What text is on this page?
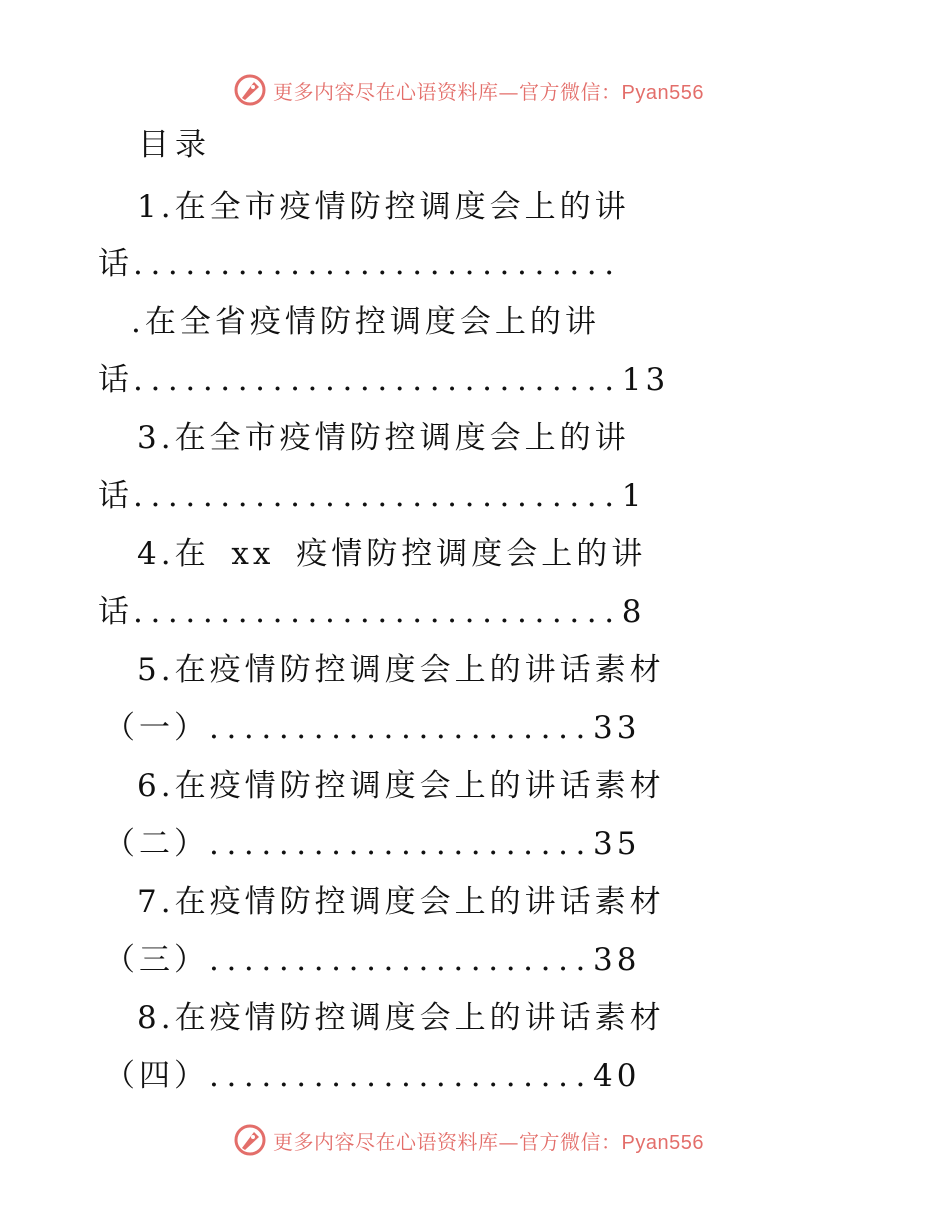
更多内容尽在心语资料库—官方微信：Pyan556
目录
1.在全市疫情防控调度会上的讲
话............................
.在全省疫情防控调度会上的讲
话............................13
3.在全市疫情防控调度会上的讲
话............................1
4.在 xx 疫情防控调度会上的讲
话............................8
5.在疫情防控调度会上的讲话素材
（一）......................33
6.在疫情防控调度会上的讲话素材
（二）......................35
7.在疫情防控调度会上的讲话素材
（三）......................38
8.在疫情防控调度会上的讲话素材
（四）......................40
更多内容尽在心语资料库—官方微信：Pyan556
